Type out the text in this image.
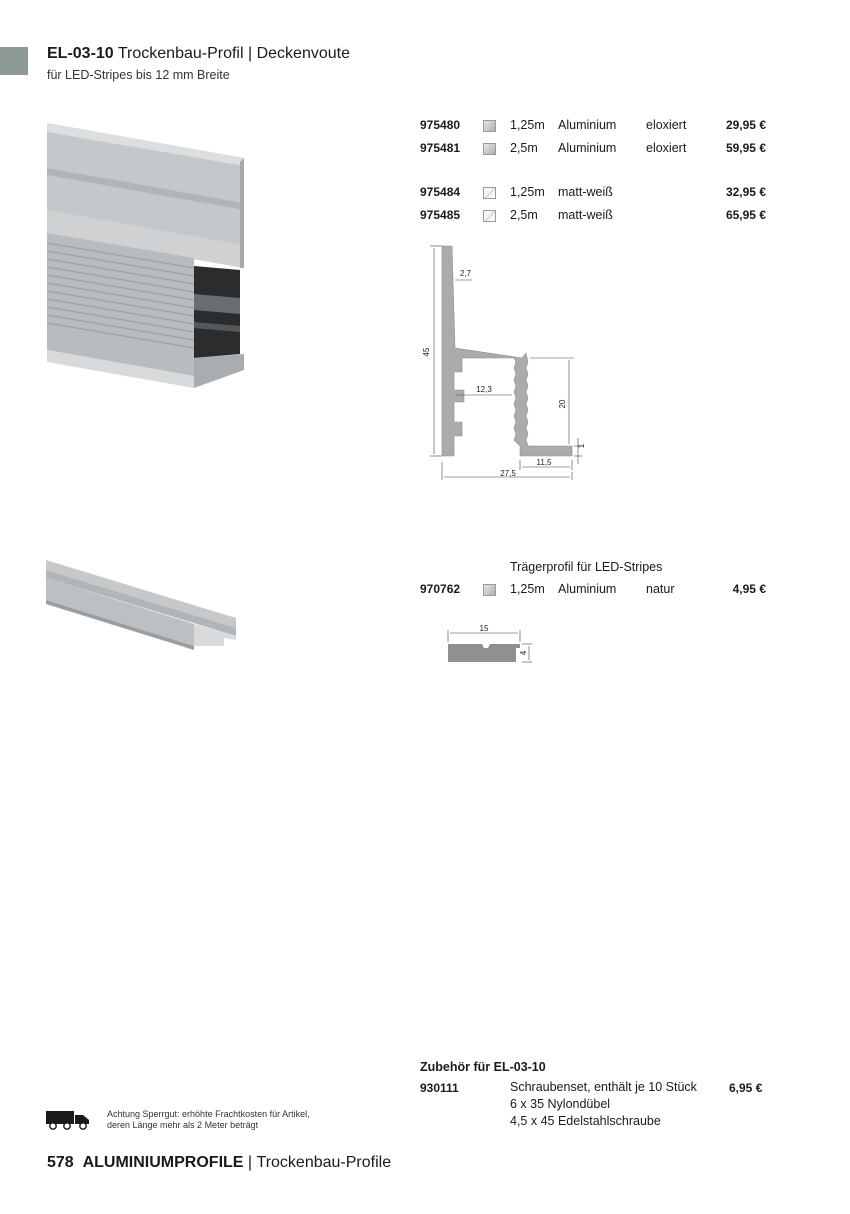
EL-03-10 Trockenbau-Profil | Deckenvoute
für LED-Stripes bis 12 mm Breite
975480	1,25m Aluminium eloxiert	29,95 €
975481	2,5m Aluminium eloxiert	59,95 €
975484	1,25m matt-weiß	32,95 €
975485	2,5m matt-weiß	65,95 €
45
2,7
12,3
20
1
11,5
27,5
Trägerprofil für LED-Stripes
970762	1,25m Aluminium natur	4,95 €
15
4
Zubehör für EL-03-10
930111	Schraubenset, enthält je 10 Stück
6 x 35 Nylondübel
4,5 x 45 Edelstahlschraube
6,95 €
Achtung Sperrgut: erhöhte Frachtkosten für Artikel,
deren Länge mehr als 2 Meter beträgt
578 ALUMINIUMPROFILE | Trockenbau-Profile
